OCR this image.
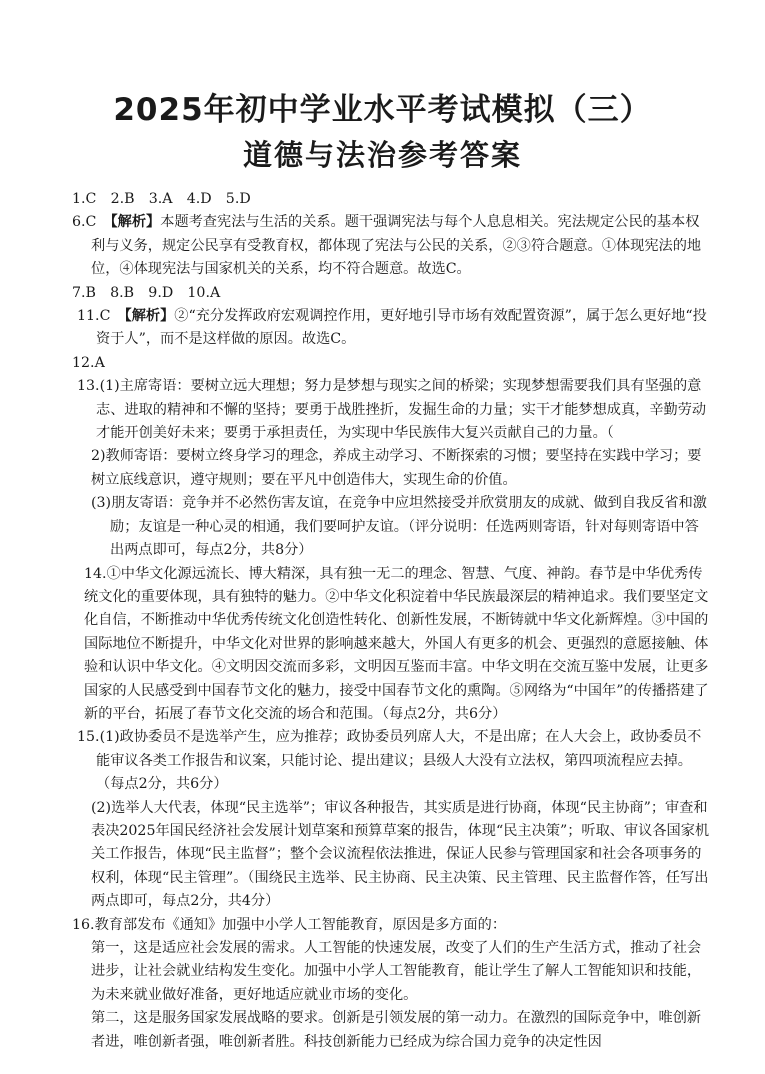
2025年初中学业水平考试模拟（三）
道德与法治参考答案

1.C　2.B　3.A　4.D　5.D

6.C　【解析】本题考查宪法与生活的关系。题干强调宪法与每个人息息相关。宪法规定公民的基本权利与义务，规定公民享有受教育权，都体现了宪法与公民的关系，②③符合题意。①体现宪法的地位，④体现宪法与国家机关的关系，均不符合题意。故选C。

7.B　8.B　9.D　10.A

11.C　【解析】②“充分发挥政府宏观调控作用，更好地引导市场有效配置资源”，属于怎么更好地“投资于人”，而不是这样做的原因。故选C。

12.A

13.(1)主席寄语：要树立远大理想；努力是梦想与现实之间的桥梁；实现梦想需要我们具有坚强的意志、进取的精神和不懈的坚持；要勇于战胜挫折，发掘生命的力量；实干才能梦想成真，辛勤劳动才能开创美好未来；要勇于承担责任，为实现中华民族伟大复兴贡献自己的力量。（

2)教师寄语：要树立终身学习的理念，养成主动学习、不断探索的习惯；要坚持在实践中学习；要树立底线意识，遵守规则；要在平凡中创造伟大，实现生命的价值。

(3)朋友寄语：竞争并不必然伤害友谊，在竞争中应坦然接受并欣赏朋友的成就、做到自我反省和激励；友谊是一种心灵的相通，我们要呵护友谊。（评分说明：任选两则寄语，针对每则寄语中答出两点即可，每点2分，共8分）

14.①中华文化源远流长、博大精深，具有独一无二的理念、智慧、气度、神韵。春节是中华优秀传统文化的重要体现，具有独特的魅力。②中华文化积淀着中华民族最深层的精神追求。我们要坚定文化自信，不断推动中华优秀传统文化创造性转化、创新性发展，不断铸就中华文化新辉煌。③中国的国际地位不断提升，中华文化对世界的影响越来越大，外国人有更多的机会、更强烈的意愿接触、体验和认识中华文化。④文明因交流而多彩，文明因互鉴而丰富。中华文明在交流互鉴中发展，让更多国家的人民感受到中国春节文化的魅力，接受中国春节文化的熏陶。⑤网络为“中国年”的传播搭建了新的平台，拓展了春节文化交流的场合和范围。（每点2分，共6分）

15.(1)政协委员不是选举产生，应为推荐；政协委员列席人大，不是出席；在人大会上，政协委员不能审议各类工作报告和议案，只能讨论、提出建议；县级人大没有立法权，第四项流程应去掉。（每点2分，共6分）

(2)选举人大代表，体现“民主选举”；审议各种报告，其实质是进行协商，体现“民主协商”；审查和表决2025年国民经济社会发展计划草案和预算草案的报告，体现“民主决策”；听取、审议各国家机关工作报告，体现“民主监督”；整个会议流程依法推进，保证人民参与管理国家和社会各项事务的权利，体现“民主管理”。（围绕民主选举、民主协商、民主决策、民主管理、民主监督作答，任写出两点即可，每点2分，共4分）

16.教育部发布《通知》加强中小学人工智能教育，原因是多方面的：

第一，这是适应社会发展的需求。人工智能的快速发展，改变了人们的生产生活方式，推动了社会进步，让社会就业结构发生变化。加强中小学人工智能教育，能让学生了解人工智能知识和技能，为未来就业做好准备，更好地适应就业市场的变化。

第二，这是服务国家发展战略的要求。创新是引领发展的第一动力。在激烈的国际竞争中，唯创新者进，唯创新者强，唯创新者胜。科技创新能力已经成为综合国力竞争的决定性因
